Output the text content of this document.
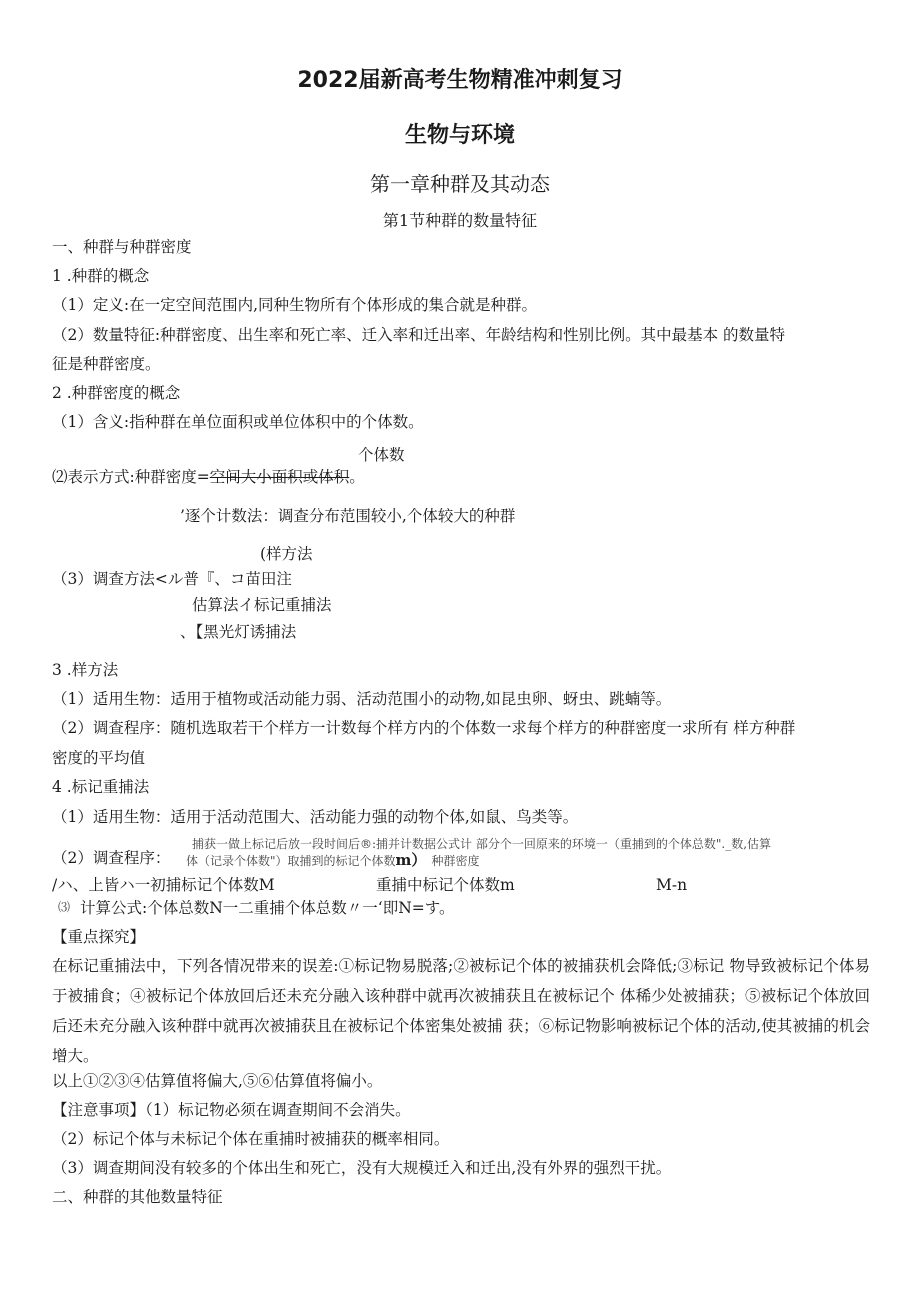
2022届新高考生物精准冲刺复习
生物与环境
第一章种群及其动态
第1节种群的数量特征
一、种群与种群密度
1 .种群的概念
（1）定义:在一定空间范围内,同种生物所有个体形成的集合就是种群。
（2）数量特征:种群密度、出生率和死亡率、迁入率和迁出率、年龄结构和性别比例。其中最基本 的数量特
征是种群密度。
2 .种群密度的概念
（1）含义:指种群在单位面积或单位体积中的个体数。
个体数
⑵表示方式:种群密度=空间大小面积或体积。
’逐个计数法：调查分布范围较小,个体较大的种群
(样方法
（3）调查方法<ル普『、コ苗田注
估算法イ标记重捕法
、【黑光灯诱捕法
3 .样方法
（1）适用生物：适用于植物或活动能力弱、活动范围小的动物,如昆虫卵、蚜虫、跳蝻等。
（2）调查程序：随机选取若干个样方一计数每个样方内的个体数一求每个样方的种群密度一求所有 样方种群
密度的平均值
4 .标记重捕法
（1）适用生物：适用于活动范围大、活动能力强的动物个体,如鼠、鸟类等。
（2）调查程序：
捕获一做上标记后放一段时间后®:捕并计数据公式计 部分个一回原来的环境一（重捕到的个体总数"._数,估算
体（记录个体数"）取捕到的标记个体数m） 种群密度
/ハ、上皆ハ一初捕标记个体数M	重捕中标记个体数m	M-n
⑶ 计算公式:个体总数N一二重捕个体总数〃一‘即N=す。
【重点探究】
在标记重捕法中，下列各情况带来的误差:①标记物易脱落;②被标记个体的被捕获机会降低;③标记 物导致被标记个体易于被捕食；④被标记个体放回后还未充分融入该种群中就再次被捕获且在被标记个 体稀少处被捕获；⑤被标记个体放回后还未充分融入该种群中就再次被捕获且在被标记个体密集处被捕 获；⑥标记物影响被标记个体的活动,使其被捕的机会增大。
以上①②③④估算值将偏大,⑤⑥估算值将偏小。
【注意事项】（1）标记物必须在调查期间不会消失。
（2）标记个体与未标记个体在重捕时被捕获的概率相同。
（3）调查期间没有较多的个体出生和死亡，没有大规模迁入和迁出,没有外界的强烈干扰。
二、种群的其他数量特征
